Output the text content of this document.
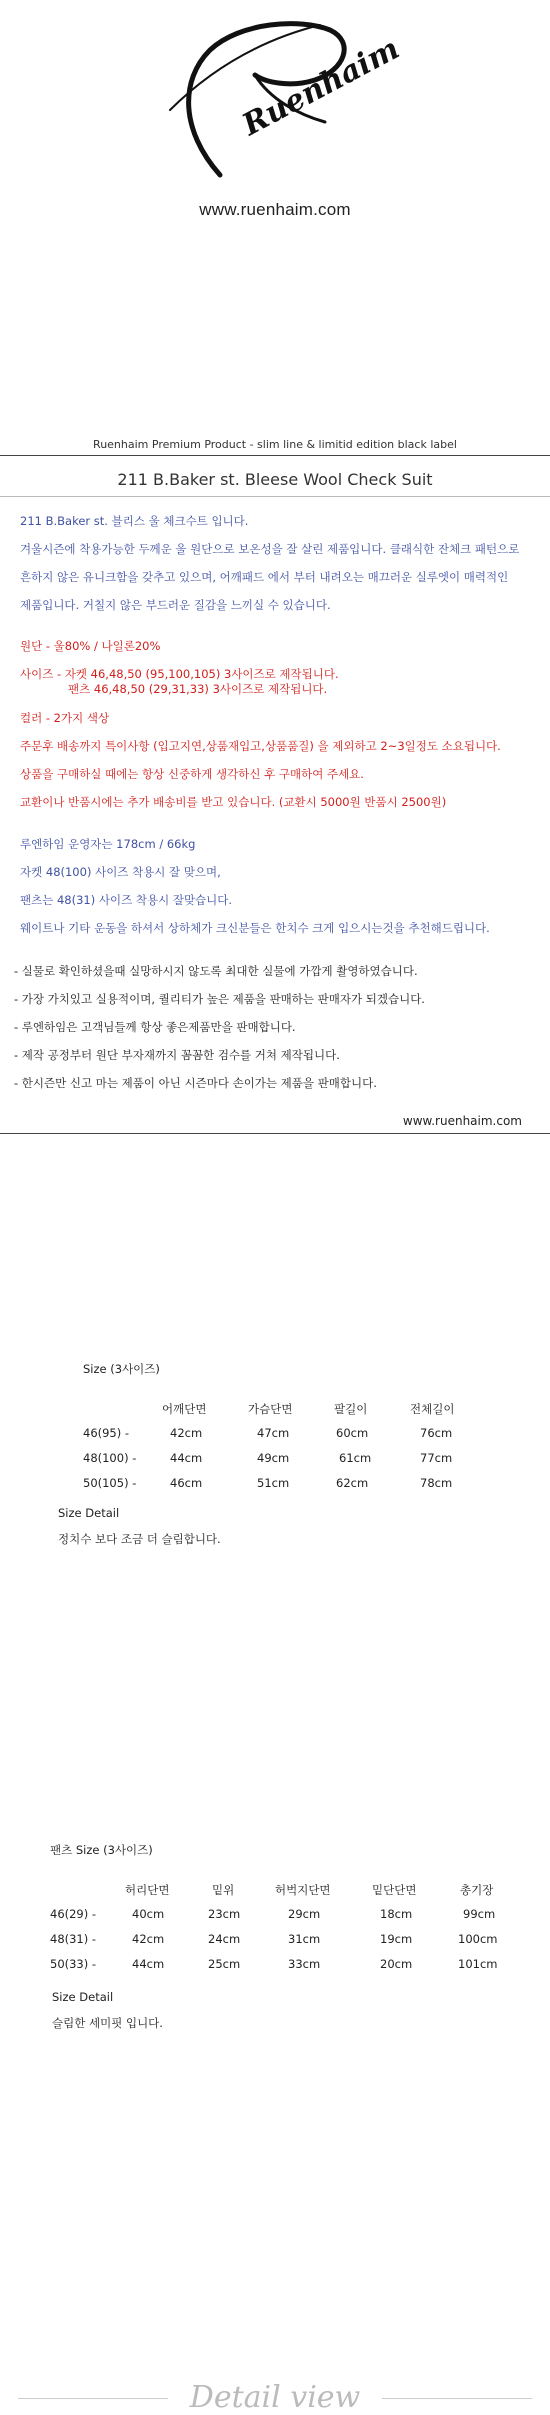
Ruenhaim
www.ruenhaim.com
Ruenhaim Premium Product - slim line & limitid edition black label
211 B.Baker st. Bleese Wool Check Suit
211 B.Baker st. 블리스 울 체크수트 입니다.
겨울시즌에 착용가능한 두께운 울 원단으로 보온성을 잘 살린 제품입니다. 클래식한 잔체크 패턴으로
흔하지 않은 유니크함을 갖추고 있으며, 어깨패드 에서 부터 내려오는 매끄러운 실루엣이 매력적인
제품입니다. 거칠지 않은 부드러운 질감을 느끼실 수 있습니다.
원단 - 울80% / 나일론20%
사이즈 - 자켓 46,48,50 (95,100,105) 3사이즈로 제작됩니다.
팬츠 46,48,50 (29,31,33) 3사이즈로 제작됩니다.
컬러 - 2가지 색상
주문후 배송까지 특이사항 (입고지연,상품재입고,상품품질) 을 제외하고 2~3일정도 소요됩니다.
상품을 구매하실 때에는 항상 신중하게 생각하신 후 구매하여 주세요.
교환이나 반품시에는 추가 배송비를 받고 있습니다. (교환시 5000원 반품시 2500원)
루엔하임 운영자는 178cm / 66kg
자켓 48(100) 사이즈 착용시 잘 맞으며,
팬츠는 48(31) 사이즈 착용시 잘맞습니다.
웨이트나 기타 운동을 하셔서 상하체가 크신분들은 한치수 크게 입으시는것을 추천해드립니다.
- 실물로 확인하셨을때 실망하시지 않도록 최대한 실물에 가깝게 촬영하였습니다.
- 가장 가치있고 실용적이며, 퀄리티가 높은 제품을 판매하는 판매자가 되겠습니다.
- 루엔하임은 고객님들께 항상 좋은제품만을 판매합니다.
- 제작 공정부터 원단 부자재까지 꼼꼼한 검수를 거쳐 제작됩니다.
- 한시즌만 신고 마는 제품이 아닌 시즌마다 손이가는 제품을 판매합니다.
www.ruenhaim.com
Size (3사이즈)
어깨단면	가슴단면	팔길이	전체길이
46(95) -	42cm	47cm	60cm	76cm
48(100) -	44cm	49cm	61cm	77cm
50(105) -	46cm	51cm	62cm	78cm
Size Detail
정치수 보다 조금 더 슬림합니다.
팬츠 Size (3사이즈)
허리단면	밑위	허벅지단면	밑단단면	총기장
46(29) -	40cm	23cm	29cm	18cm	99cm
48(31) -	42cm	24cm	31cm	19cm	100cm
50(33) -	44cm	25cm	33cm	20cm	101cm
Size Detail
슬림한 세미핏 입니다.
Detail view
